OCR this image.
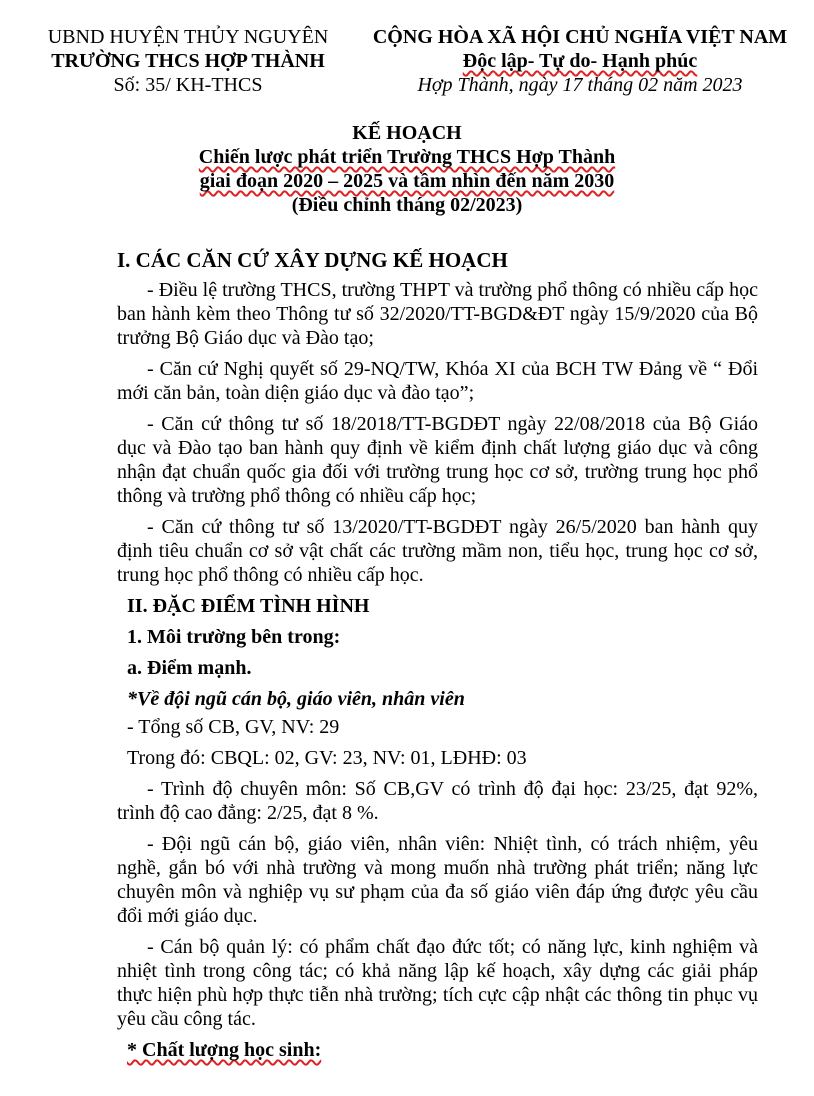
UBND HUYỆN THỦY NGUYÊN
TRƯỜNG THCS HỢP THÀNH
Số: 35/ KH-THCS
CỘNG HÒA XÃ HỘI CHỦ NGHĨA VIỆT NAM
Độc lập- Tự do- Hạnh phúc
Hợp Thành, ngày 17 tháng 02 năm 2023
KẾ HOẠCH
Chiến lược phát triển Trường THCS Hợp Thành
giai đoạn 2020 – 2025 và tầm nhìn đến năm 2030
(Điều chỉnh tháng 02/2023)

I. CÁC CĂN CỨ XÂY DỰNG KẾ HOẠCH

- Điều lệ trường THCS, trường THPT và trường phổ thông có nhiều cấp học ban hành kèm theo Thông tư số 32/2020/TT-BGD&ĐT ngày 15/9/2020 của Bộ trưởng Bộ Giáo dục và Đào tạo;

- Căn cứ Nghị quyết số 29-NQ/TW, Khóa XI của BCH TW Đảng về “ Đổi mới căn bản, toàn diện giáo dục và đào tạo”;

- Căn cứ thông tư số 18/2018/TT-BGDĐT ngày 22/08/2018 của Bộ Giáo dục và Đào tạo ban hành quy định về kiểm định chất lượng giáo dục và công nhận đạt chuẩn quốc gia đối với trường trung học cơ sở, trường trung học phổ thông và trường phổ thông có nhiều cấp học;

- Căn cứ thông tư số 13/2020/TT-BGDĐT ngày 26/5/2020 ban hành quy định tiêu chuẩn cơ sở vật chất các trường mầm non, tiểu học, trung học cơ sở, trung học phổ thông có nhiều cấp học.

II. ĐẶC ĐIỂM TÌNH HÌNH

1. Môi trường bên trong:

a. Điểm mạnh.

*Về đội ngũ cán bộ, giáo viên, nhân viên

- Tổng số CB, GV, NV: 29

Trong đó: CBQL: 02, GV: 23, NV: 01, LĐHĐ: 03

- Trình độ chuyên môn: Số CB,GV có trình độ đại học: 23/25, đạt 92%, trình độ cao đẳng: 2/25, đạt 8 %.

- Đội ngũ cán bộ, giáo viên, nhân viên: Nhiệt tình, có trách nhiệm, yêu nghề, gắn bó với nhà trường và mong muốn nhà trường phát triển; năng lực chuyên môn và nghiệp vụ sư phạm của đa số giáo viên đáp ứng được yêu cầu đổi mới giáo dục.

- Cán bộ quản lý: có phẩm chất đạo đức tốt; có năng lực, kinh nghiệm và nhiệt tình trong công tác; có khả năng lập kế hoạch, xây dựng các giải pháp thực hiện phù hợp thực tiễn nhà trường; tích cực cập nhật các thông tin phục vụ yêu cầu công tác.

* Chất lượng học sinh:
